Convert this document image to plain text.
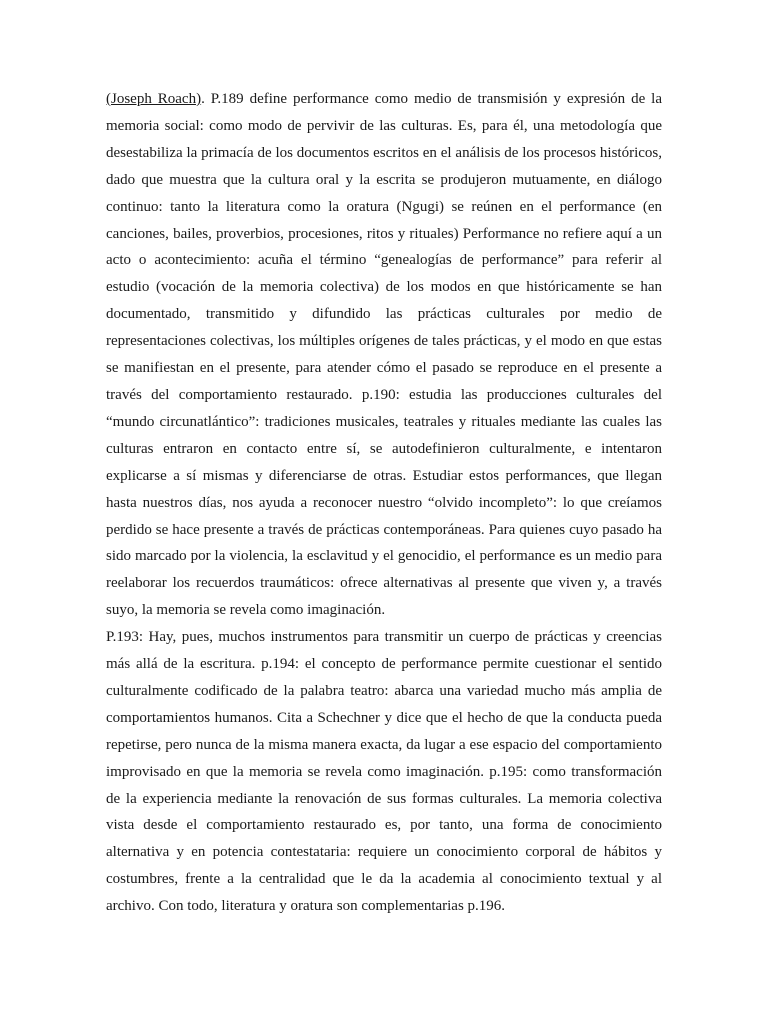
(Joseph Roach). P.189 define performance como medio de transmisión y expresión de la memoria social: como modo de pervivir de las culturas. Es, para él, una metodología que desestabiliza la primacía de los documentos escritos en el análisis de los procesos históricos, dado que muestra que la cultura oral y la escrita se produjeron mutuamente, en diálogo continuo: tanto la literatura como la oratura (Ngugi) se reúnen en el performance (en canciones, bailes, proverbios, procesiones, ritos y rituales) Performance no refiere aquí a un acto o acontecimiento: acuña el término “genealogías de performance” para referir al estudio (vocación de la memoria colectiva) de los modos en que históricamente se han documentado, transmitido y difundido las prácticas culturales por medio de representaciones colectivas, los múltiples orígenes de tales prácticas, y el modo en que estas se manifiestan en el presente, para atender cómo el pasado se reproduce en el presente a través del comportamiento restaurado. p.190: estudia las producciones culturales del “mundo circunatlántico”: tradiciones musicales, teatrales y rituales mediante las cuales las culturas entraron en contacto entre sí, se autodefinieron culturalmente, e intentaron explicarse a sí mismas y diferenciarse de otras. Estudiar estos performances, que llegan hasta nuestros días, nos ayuda a reconocer nuestro “olvido incompleto”: lo que creíamos perdido se hace presente a través de prácticas contemporáneas. Para quienes cuyo pasado ha sido marcado por la violencia, la esclavitud y el genocidio, el performance es un medio para reelaborar los recuerdos traumáticos: ofrece alternativas al presente que viven y, a través suyo, la memoria se revela como imaginación.

P.193: Hay, pues, muchos instrumentos para transmitir un cuerpo de prácticas y creencias más allá de la escritura. p.194: el concepto de performance permite cuestionar el sentido culturalmente codificado de la palabra teatro: abarca una variedad mucho más amplia de comportamientos humanos. Cita a Schechner y dice que el hecho de que la conducta pueda repetirse, pero nunca de la misma manera exacta, da lugar a ese espacio del comportamiento improvisado en que la memoria se revela como imaginación. p.195: como transformación de la experiencia mediante la renovación de sus formas culturales. La memoria colectiva vista desde el comportamiento restaurado es, por tanto, una forma de conocimiento alternativa y en potencia contestataria: requiere un conocimiento corporal de hábitos y costumbres, frente a la centralidad que le da la academia al conocimiento textual y al archivo. Con todo, literatura y oratura son complementarias p.196.
